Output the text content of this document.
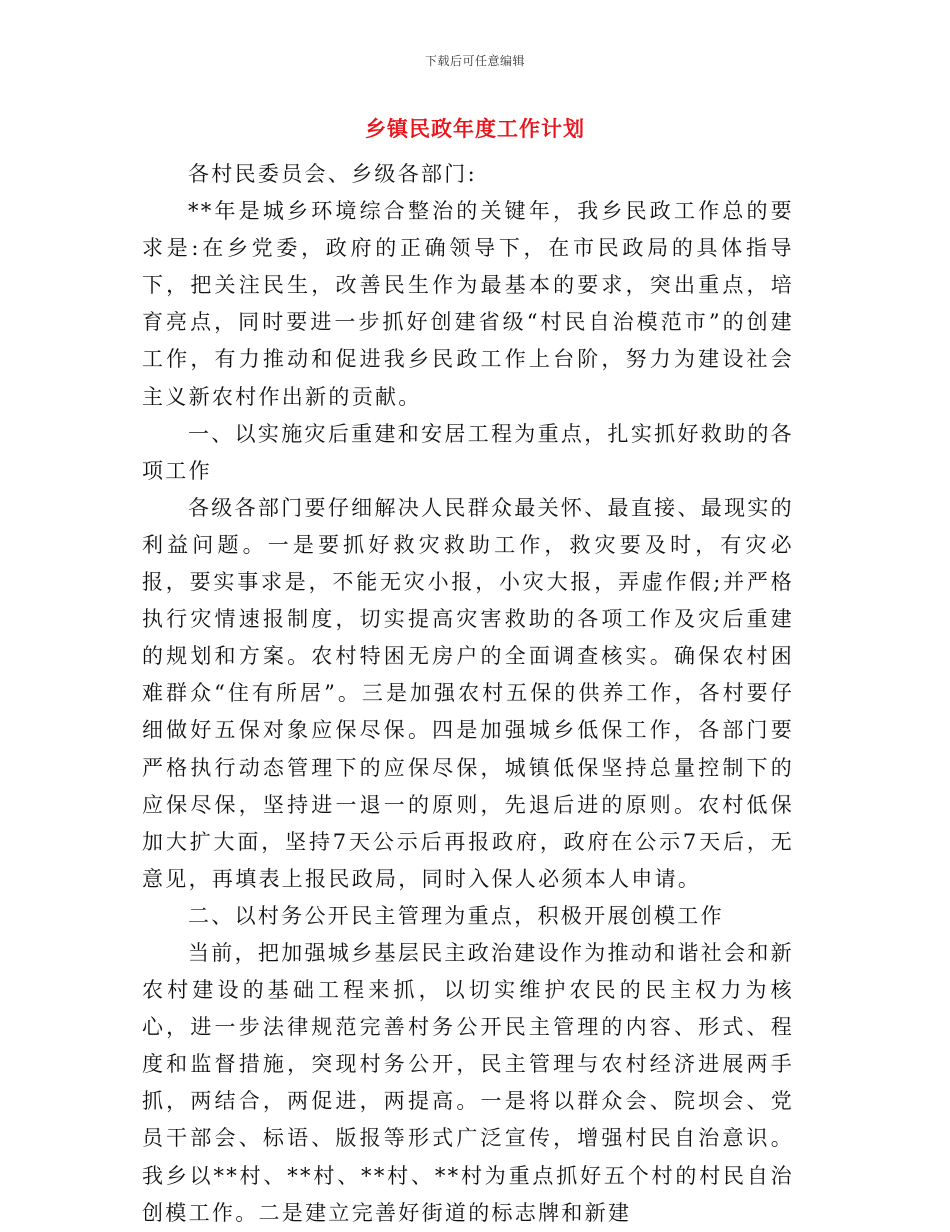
下载后可任意编辑
乡镇民政年度工作计划

各村民委员会、乡级各部门:

**年是城乡环境综合整治的关键年，我乡民政工作总的要求是:在乡党委，政府的正确领导下，在市民政局的具体指导下，把关注民生，改善民生作为最基本的要求，突出重点，培育亮点，同时要进一步抓好创建省级“村民自治模范市”的创建工作，有力推动和促进我乡民政工作上台阶，努力为建设社会主义新农村作出新的贡献。

一、以实施灾后重建和安居工程为重点，扎实抓好救助的各项工作

各级各部门要仔细解决人民群众最关怀、最直接、最现实的利益问题。一是要抓好救灾救助工作，救灾要及时，有灾必报，要实事求是，不能无灾小报，小灾大报，弄虚作假;并严格执行灾情速报制度，切实提高灾害救助的各项工作及灾后重建的规划和方案。农村特困无房户的全面调查核实。确保农村困难群众“住有所居”。三是加强农村五保的供养工作，各村要仔细做好五保对象应保尽保。四是加强城乡低保工作，各部门要严格执行动态管理下的应保尽保，城镇低保坚持总量控制下的应保尽保，坚持进一退一的原则，先退后进的原则。农村低保加大扩大面，坚持7天公示后再报政府，政府在公示7天后，无意见，再填表上报民政局，同时入保人必须本人申请。

二、以村务公开民主管理为重点，积极开展创模工作

当前，把加强城乡基层民主政治建设作为推动和谐社会和新农村建设的基础工程来抓，以切实维护农民的民主权力为核心，进一步法律规范完善村务公开民主管理的内容、形式、程度和监督措施，突现村务公开，民主管理与农村经济进展两手抓，两结合，两促进，两提高。一是将以群众会、院坝会、党员干部会、标语、版报等形式广泛宣传，增强村民自治意识。我乡以**村、**村、**村、**村为重点抓好五个村的村民自治创模工作。二是建立完善好街道的标志牌和新建
